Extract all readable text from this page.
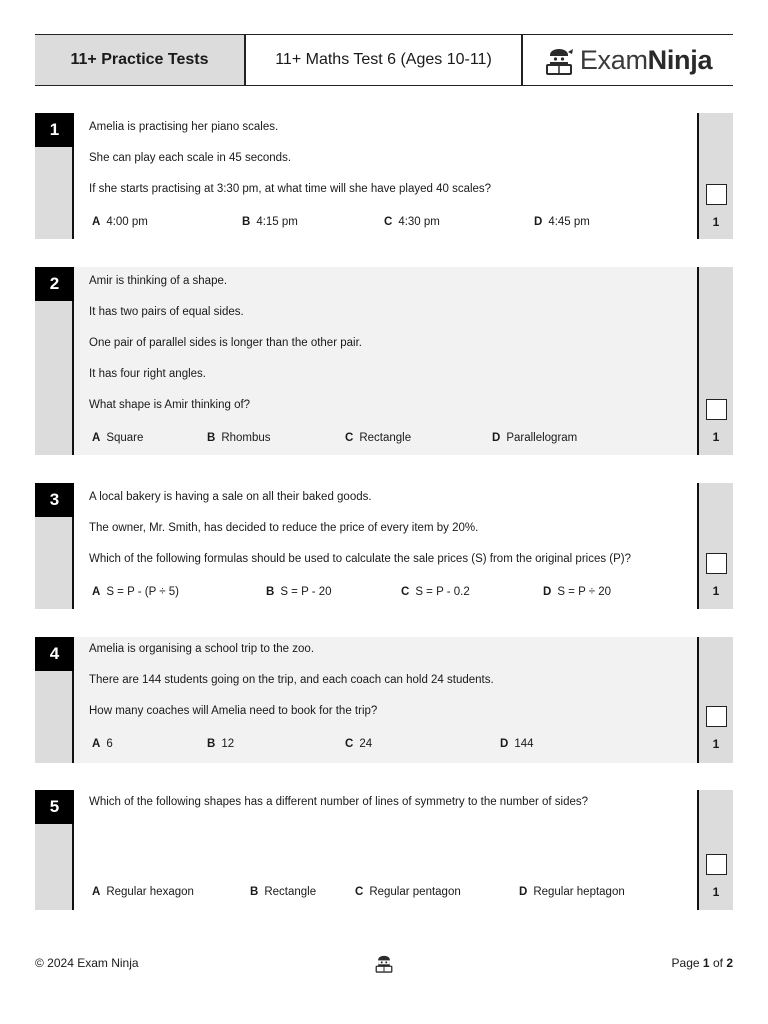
11+ Practice Tests	11+ Maths Test 6 (Ages 10-11)	ExamNinja
1	Amelia is practising her piano scales.
She can play each scale in 45 seconds.
If she starts practising at 3:30 pm, at what time will she have played 40 scales?
A 4:00 pm	B 4:15 pm	C 4:30 pm	D 4:45 pm	1
2	Amir is thinking of a shape.
It has two pairs of equal sides.
One pair of parallel sides is longer than the other pair.
It has four right angles.
What shape is Amir thinking of?
A Square	B Rhombus	C Rectangle	D Parallelogram	1
3	A local bakery is having a sale on all their baked goods.
The owner, Mr. Smith, has decided to reduce the price of every item by 20%.
Which of the following formulas should be used to calculate the sale prices (S) from the original prices (P)?
A S = P - (P ÷ 5)	B S = P - 20	C S = P - 0.2	D S = P ÷ 20	1
4	Amelia is organising a school trip to the zoo.
There are 144 students going on the trip, and each coach can hold 24 students.
How many coaches will Amelia need to book for the trip?
A 6	B 12	C 24	D 144	1
5	Which of the following shapes has a different number of lines of symmetry to the number of sides?
A Regular hexagon	B Rectangle	C Regular pentagon	D Regular heptagon	1
© 2024 Exam Ninja	Page 1 of 2
